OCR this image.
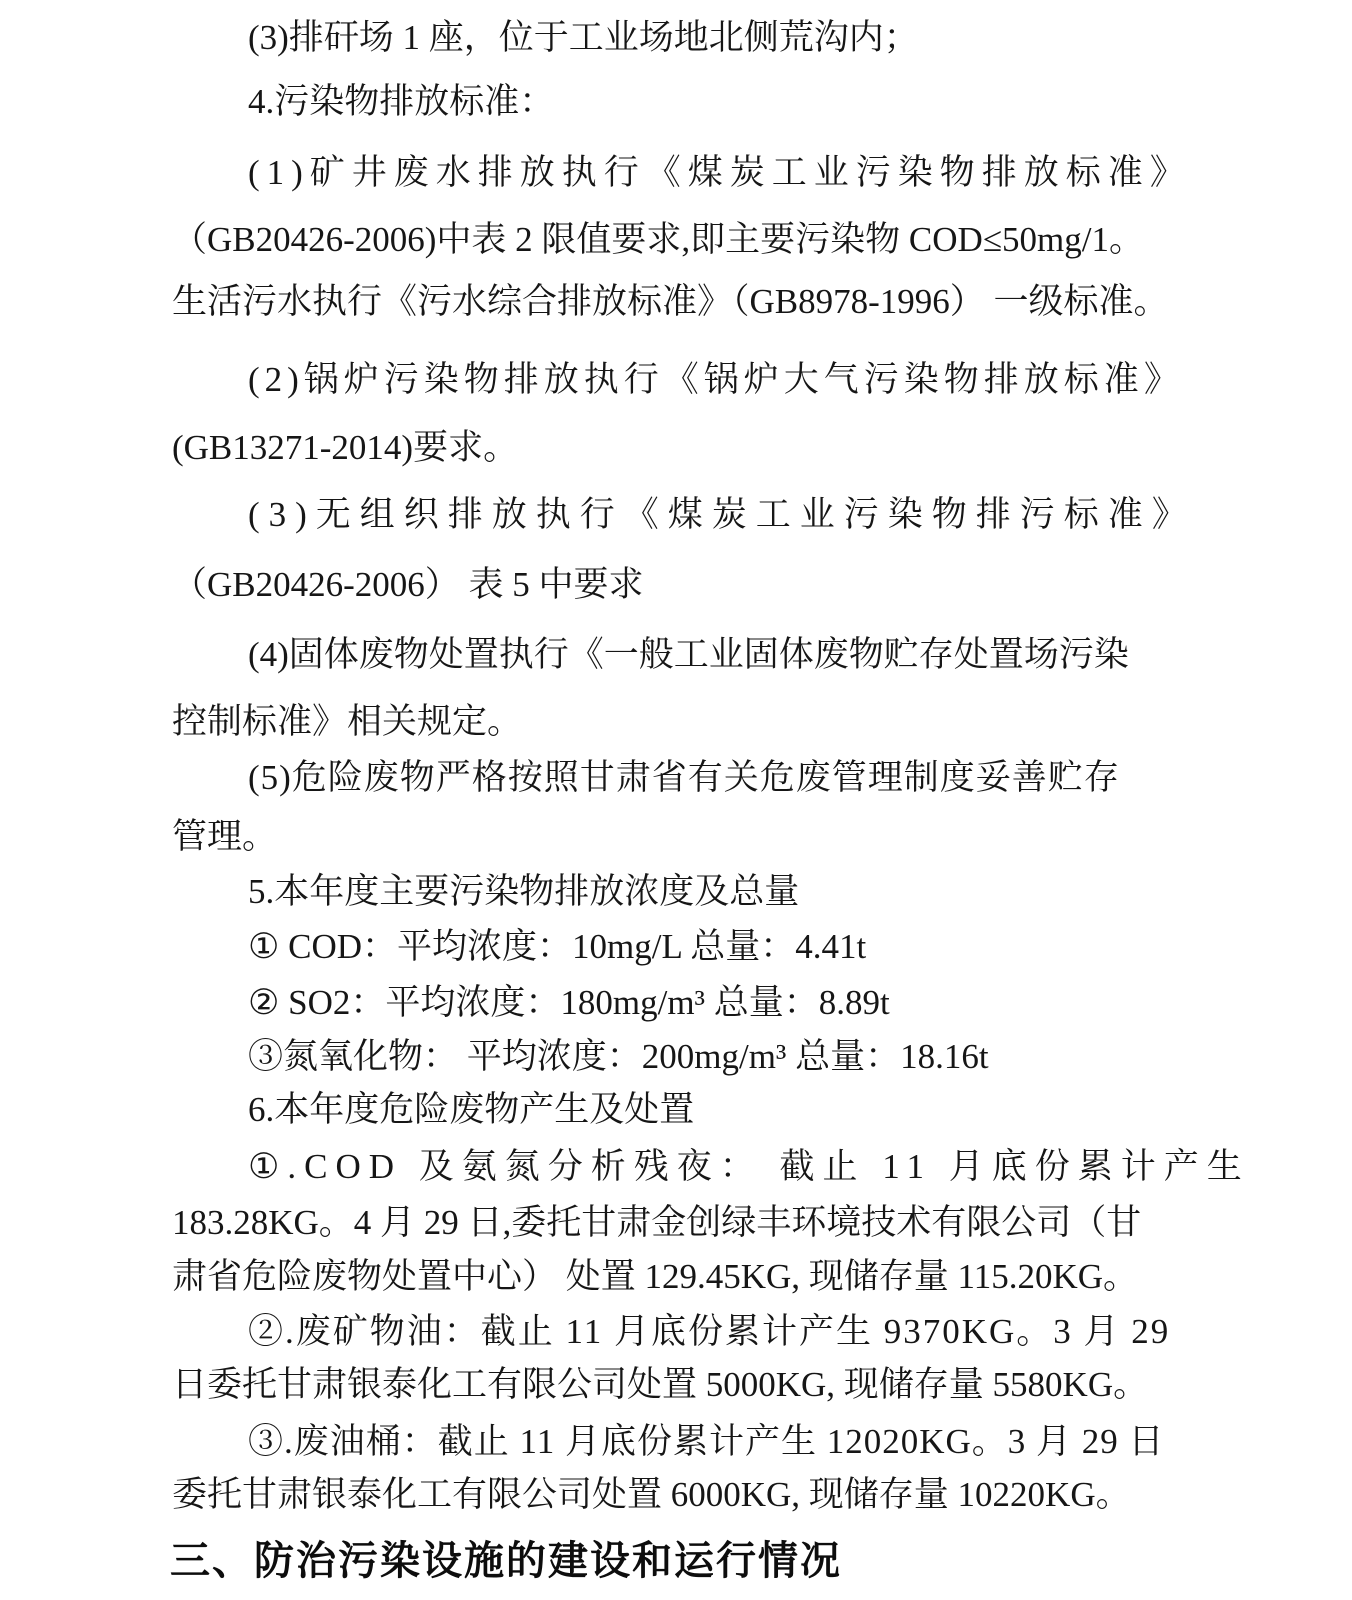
(3)排矸场 1 座，位于工业场地北侧荒沟内；
4.污染物排放标准：
(1)矿井废水排放执行《煤炭工业污染物排放标准》
（GB20426-2006)中表 2 限值要求,即主要污染物 COD≤50mg/1。
生活污水执行《污水综合排放标准》（GB8978-1996） 一级标准。
(2)锅炉污染物排放执行《锅炉大气污染物排放标准》
(GB13271-2014)要求。
(3)无组织排放执行《煤炭工业污染物排污标准》
（GB20426-2006） 表 5 中要求
(4)固体废物处置执行《一般工业固体废物贮存处置场污染
控制标准》相关规定。
(5)危险废物严格按照甘肃省有关危废管理制度妥善贮存
管理。
5.本年度主要污染物排放浓度及总量
① COD：平均浓度：10mg/L 总量：4.41t
② SO2：平均浓度：180mg/m³ 总量：8.89t
③氮氧化物： 平均浓度：200mg/m³ 总量：18.16t
6.本年度危险废物产生及处置
①.COD 及氨氮分析残夜： 截止 11 月底份累计产生
183.28KG。4 月 29 日,委托甘肃金创绿丰环境技术有限公司（甘
肃省危险废物处置中心） 处置 129.45KG, 现储存量 115.20KG。
②.废矿物油：截止 11 月底份累计产生 9370KG。3 月 29
日委托甘肃银泰化工有限公司处置 5000KG, 现储存量 5580KG。
③.废油桶：截止 11 月底份累计产生 12020KG。3 月 29 日
委托甘肃银泰化工有限公司处置 6000KG, 现储存量 10220KG。
三、防治污染设施的建设和运行情况
